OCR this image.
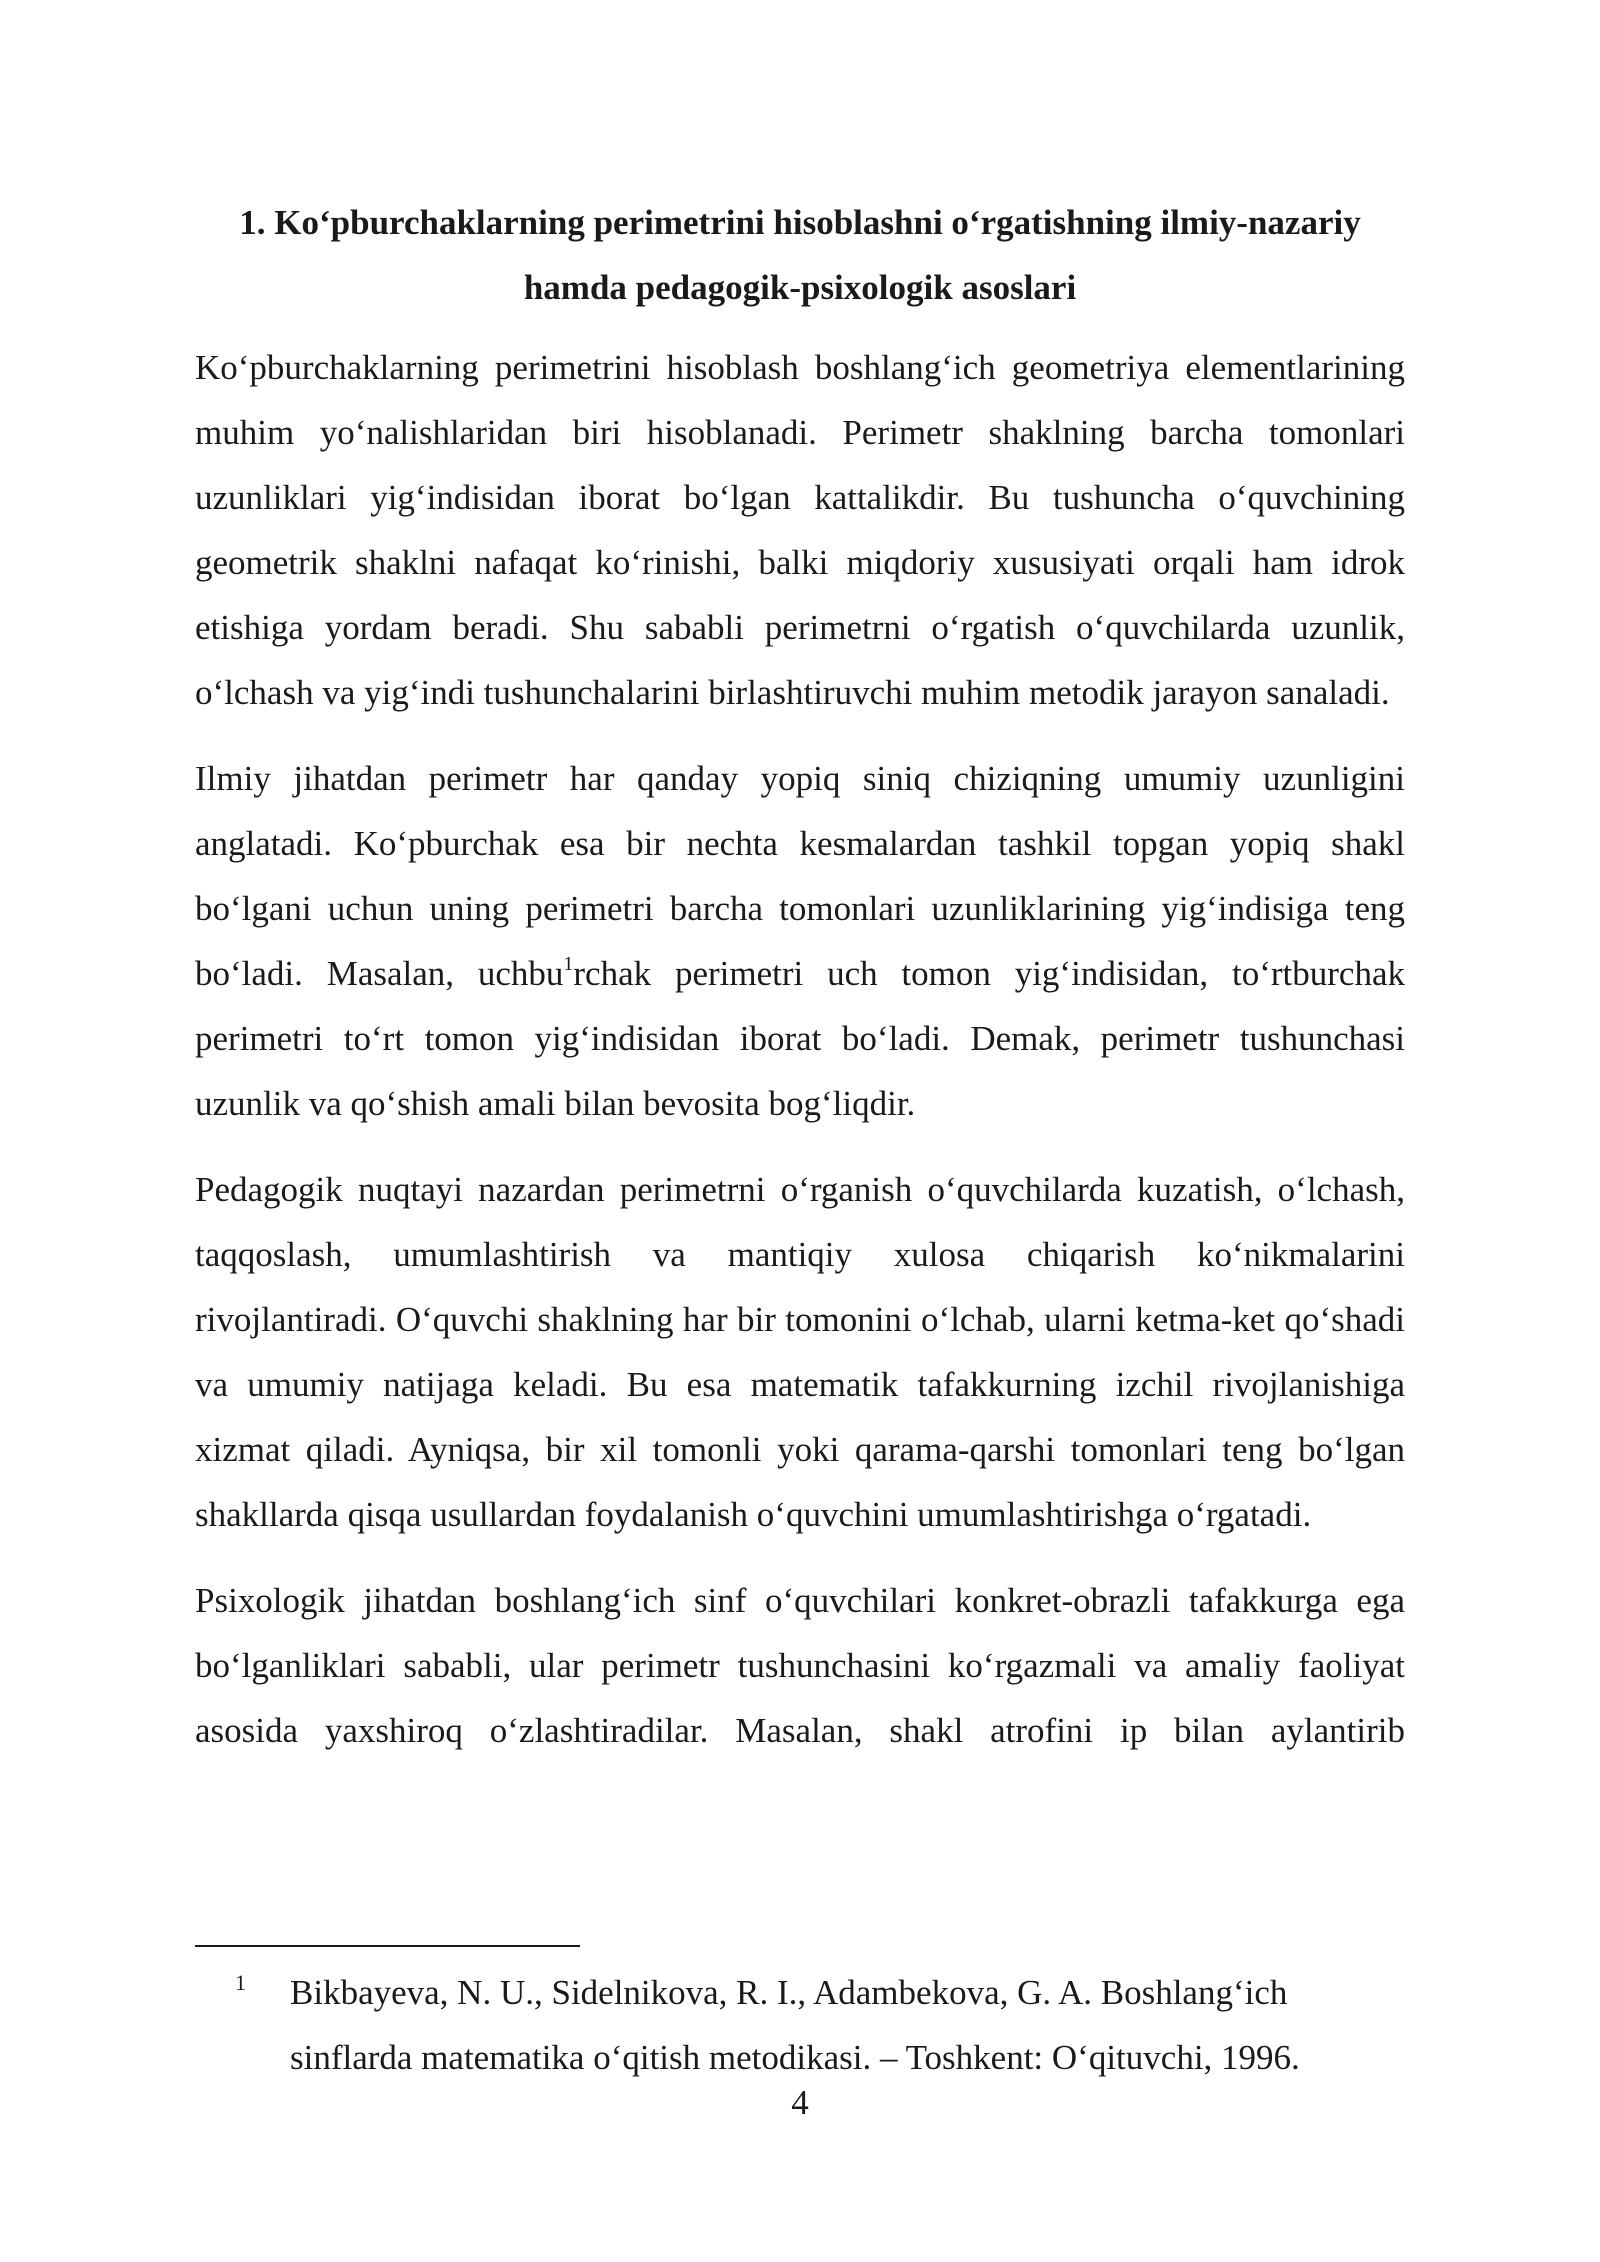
1. Ko‘pburchaklarning perimetrini hisoblashni o‘rgatishning ilmiy-nazariy hamda pedagogik-psixologik asoslari

Ko‘pburchaklarning perimetrini hisoblash boshlang‘ich geometriya elementlarining muhim yo‘nalishlaridan biri hisoblanadi. Perimetr shaklning barcha tomonlari uzunliklari yig‘indisidan iborat bo‘lgan kattalikdir. Bu tushuncha o‘quvchining geometrik shaklni nafaqat ko‘rinishi, balki miqdoriy xususiyati orqali ham idrok etishiga yordam beradi. Shu sababli perimetrni o‘rgatish o‘quvchilarda uzunlik, o‘lchash va yig‘indi tushunchalarini birlashtiruvchi muhim metodik jarayon sanaladi.

Ilmiy jihatdan perimetr har qanday yopiq siniq chiziqning umumiy uzunligini anglatadi. Ko‘pburchak esa bir nechta kesmalardan tashkil topgan yopiq shakl bo‘lgani uchun uning perimetri barcha tomonlari uzunliklarining yig‘indisiga teng bo‘ladi. Masalan, uchbu$^1$rchak perimetri uch tomon yig‘indisidan, to‘rtburchak perimetri to‘rt tomon yig‘indisidan iborat bo‘ladi. Demak, perimetr tushunchasi uzunlik va qo‘shish amali bilan bevosita bog‘liqdir.

Pedagogik nuqtayi nazardan perimetrni o‘rganish o‘quvchilarda kuzatish, o‘lchash, taqqoslash, umumlashtirish va mantiqiy xulosa chiqarish ko‘nikmalarini rivojlantiradi. O‘quvchi shaklning har bir tomonini o‘lchab, ularni ketma-ket qo‘shadi va umumiy natijaga keladi. Bu esa matematik tafakkurning izchil rivojlanishiga xizmat qiladi. Ayniqsa, bir xil tomonli yoki qarama-qarshi tomonlari teng bo‘lgan shakllarda qisqa usullardan foydalanish o‘quvchini umumlashtirishga o‘rgatadi.

Psixologik jihatdan boshlang‘ich sinf o‘quvchilari konkret-obrazli tafakkurga ega bo‘lganliklari sababli, ular perimetr tushunchasini ko‘rgazmali va amaliy faoliyat asosida yaxshiroq o‘zlashtiradilar. Masalan, shakl atrofini ip bilan aylantirib

1 Bikbayeva, N. U., Sidelnikova, R. I., Adambekova, G. A. Boshlang‘ich sinflarda matematika o‘qitish metodikasi. – Toshkent: O‘qituvchi, 1996.
4
